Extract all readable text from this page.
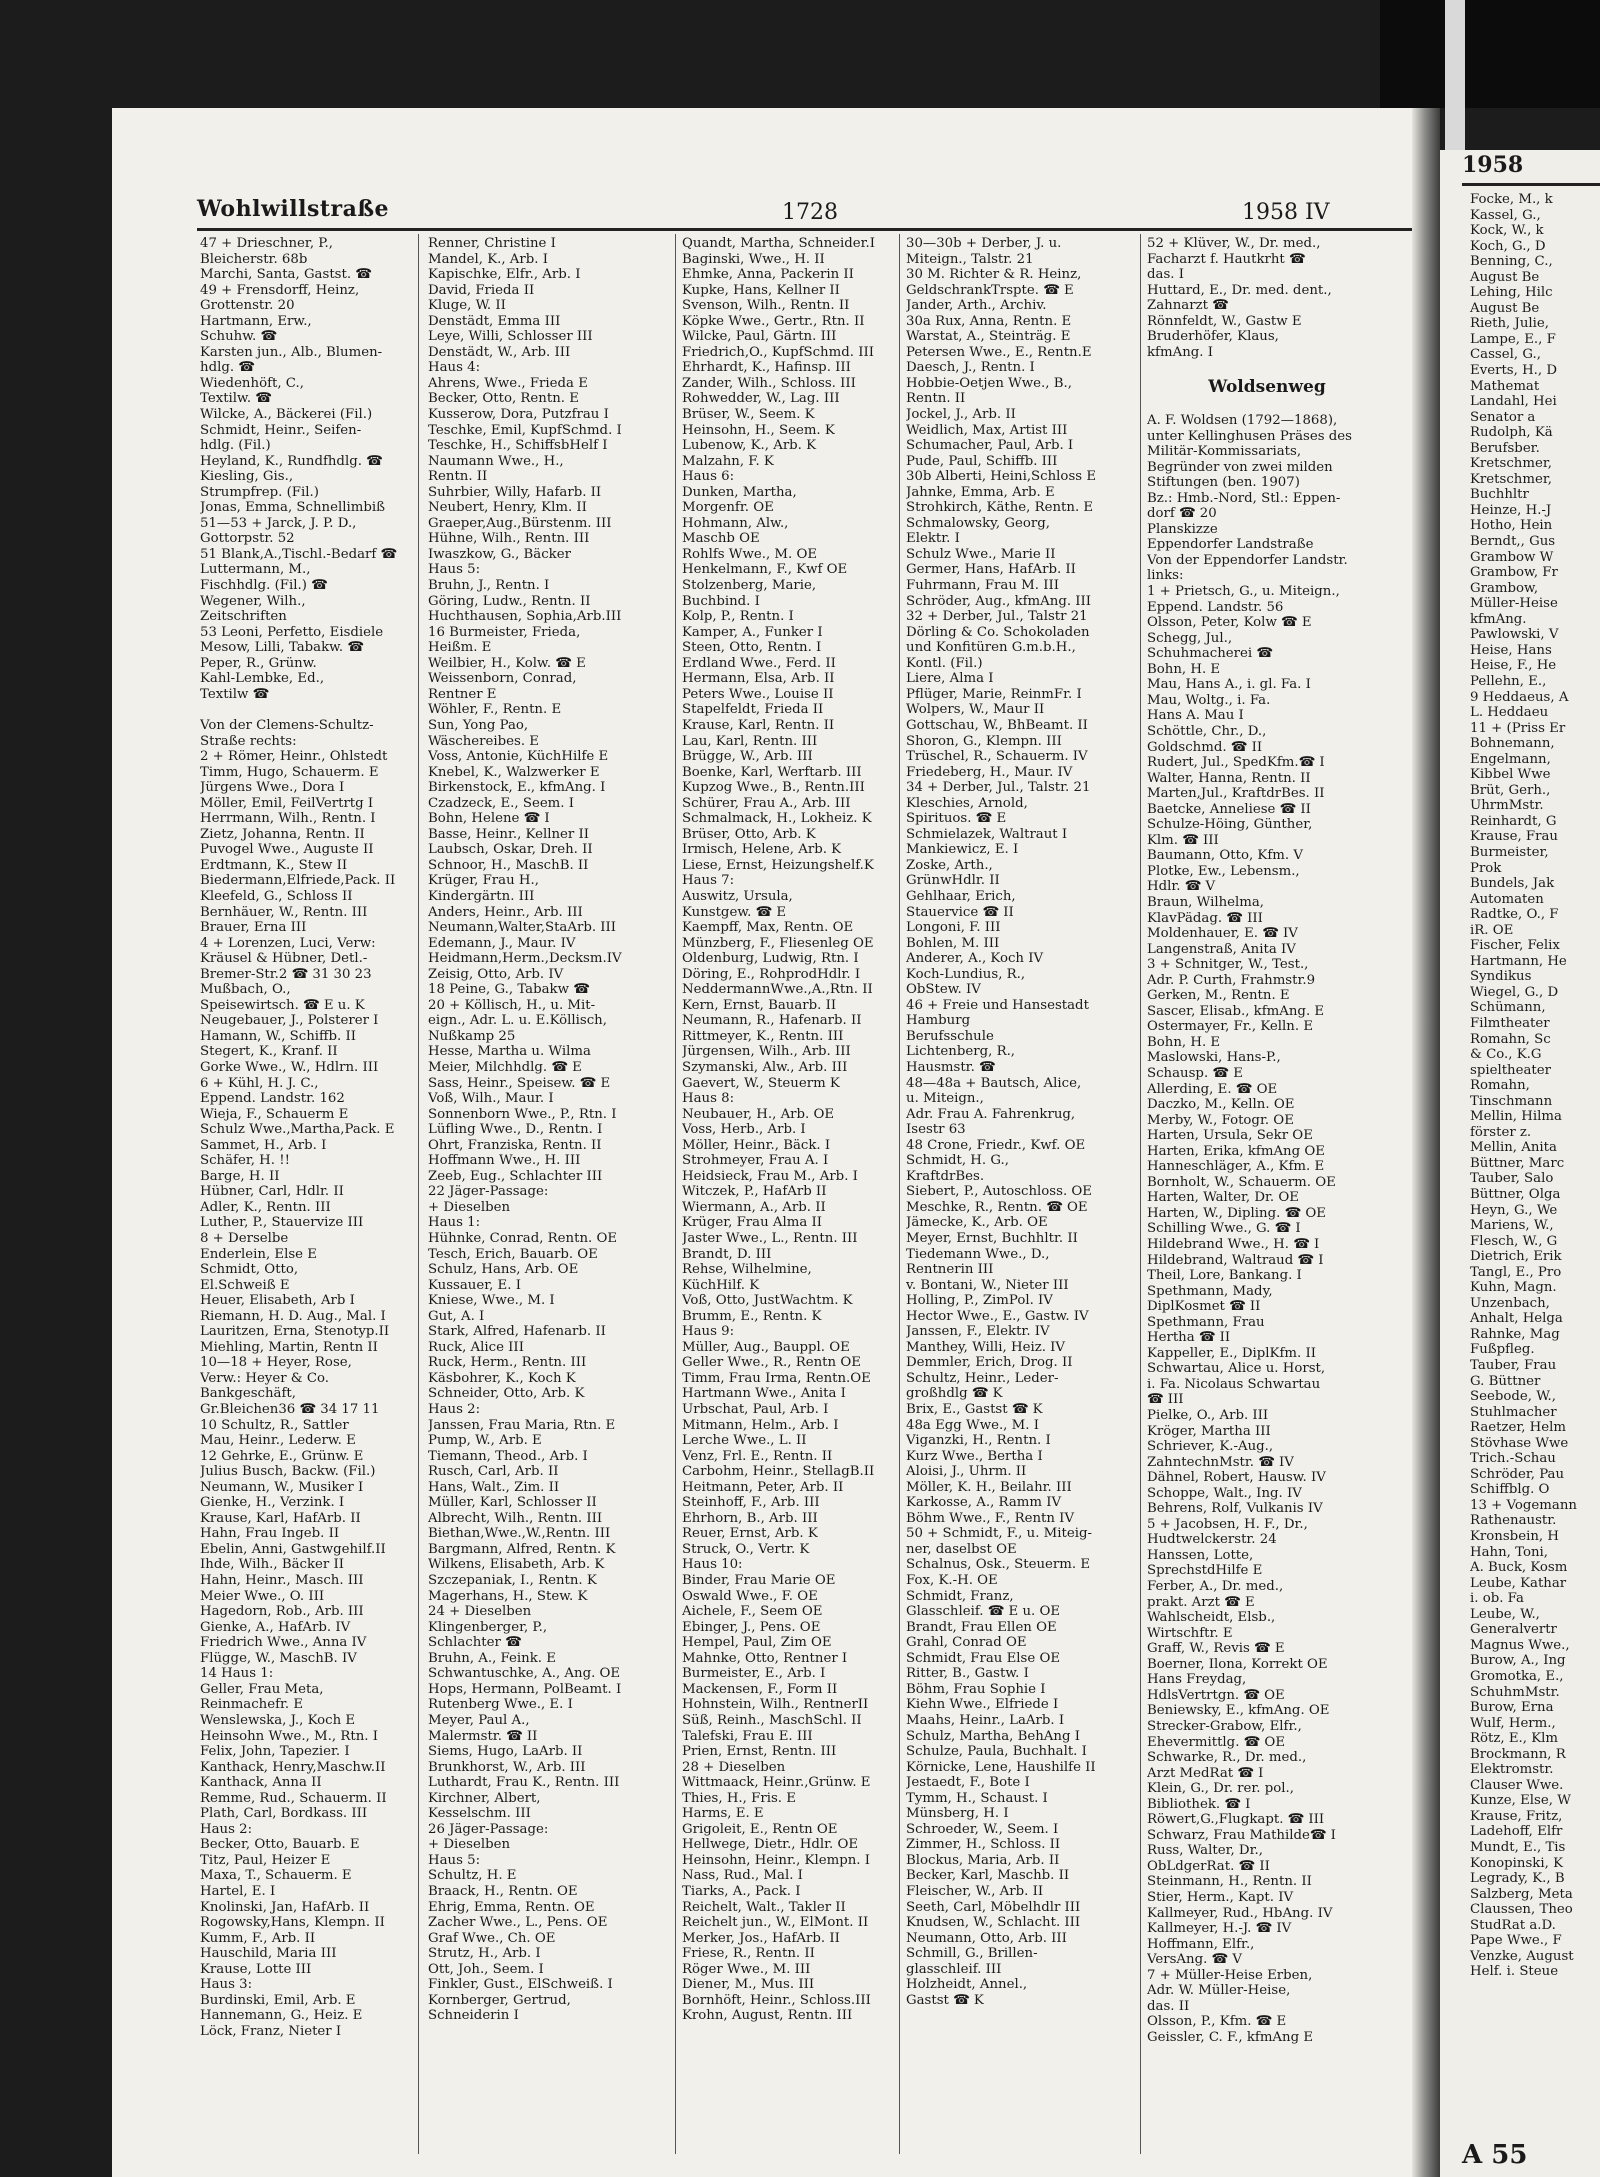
Wohlwillstraße	1728	1958 IV
47 + Drieschner, P.,
Bleicherstr. 68b
Marchi, Santa, Gastst. ☎
49 + Frensdorff, Heinz,
Grottenstr. 20
Hartmann, Erw.,
Schuhw. ☎
Karsten jun., Alb., Blumen-
hdlg. ☎
Wiedenhöft, C.,
Textilw. ☎
Wilcke, A., Bäckerei (Fil.)
Schmidt, Heinr., Seifen-
hdlg. (Fil.)
Heyland, K., Rundfhdlg. ☎
Kiesling, Gis.,
Strumpfrep. (Fil.)
Jonas, Emma, Schnellimbiß
51—53 + Jarck, J. P. D.,
Gottorpstr. 52
51 Blank,A.,Tischl.-Bedarf ☎
Luttermann, M.,
Fischhdlg. (Fil.) ☎
Wegener, Wilh.,
Zeitschriften
53 Leoni, Perfetto, Eisdiele
Mesow, Lilli, Tabakw. ☎
Peper, R., Grünw.
Kahl-Lembke, Ed.,
Textilw ☎
Von der Clemens-Schultz-
Straße rechts:
2 + Römer, Heinr., Ohlstedt
Timm, Hugo, Schauerm. E
Jürgens Wwe., Dora I
Möller, Emil, FeilVertrtg I
Herrmann, Wilh., Rentn. I
Zietz, Johanna, Rentn. II
Puvogel Wwe., Auguste II
Erdtmann, K., Stew II
Biedermann,Elfriede,Pack. II
Kleefeld, G., Schloss II
Bernhäuer, W., Rentn. III
Brauer, Erna III
4 + Lorenzen, Luci, Verw:
Kräusel & Hübner, Detl.-
Bremer-Str.2 ☎ 31 30 23
Mußbach, O.,
Speisewirtsch. ☎ E u. K
Neugebauer, J., Polsterer I
Hamann, W., Schiffb. II
Stegert, K., Kranf. II
Gorke Wwe., W., Hdlrn. III
6 + Kühl, H. J. C.,
Eppend. Landstr. 162
Wieja, F., Schauerm E
Schulz Wwe.,Martha,Pack. E
Sammet, H., Arb. I
Schäfer, H. !!
Barge, H. II
Hübner, Carl, Hdlr. II
Adler, K., Rentn. III
Luther, P., Stauervize III
8 + Derselbe
Enderlein, Else E
Schmidt, Otto,
El.Schweiß E
Heuer, Elisabeth, Arb I
Riemann, H. D. Aug., Mal. I
Lauritzen, Erna, Stenotyp.II
Miehling, Martin, Rentn II
10—18 + Heyer, Rose,
Verw.: Heyer & Co.
Bankgeschäft,
Gr.Bleichen36 ☎ 34 17 11
10 Schultz, R., Sattler
Mau, Heinr., Lederw. E
12 Gehrke, E., Grünw. E
Julius Busch, Backw. (Fil.)
Neumann, W., Musiker I
Gienke, H., Verzink. I
Krause, Karl, HafArb. II
Hahn, Frau Ingeb. II
Ebelin, Anni, Gastwgehilf.II
Ihde, Wilh., Bäcker II
Hahn, Heinr., Masch. III
Meier Wwe., O. III
Hagedorn, Rob., Arb. III
Gienke, A., HafArb. IV
Friedrich Wwe., Anna IV
Flügge, W., MaschB. IV
14 Haus 1:
Geller, Frau Meta,
Reinmachefr. E
Wenslewska, J., Koch E
Heinsohn Wwe., M., Rtn. I
Felix, John, Tapezier. I
Kanthack, Henry,Maschw.II
Kanthack, Anna II
Remme, Rud., Schauerm. II
Plath, Carl, Bordkass. III
Haus 2:
Becker, Otto, Bauarb. E
Titz, Paul, Heizer E
Maxa, T., Schauerm. E
Hartel, E. I
Knolinski, Jan, HafArb. II
Rogowsky,Hans, Klempn. II
Kumm, F., Arb. II
Hauschild, Maria III
Krause, Lotte III
Haus 3:
Burdinski, Emil, Arb. E
Hannemann, G., Heiz. E
Löck, Franz, Nieter I
Renner, Christine I
Mandel, K., Arb. I
Kapischke, Elfr., Arb. I
David, Frieda II
Kluge, W. II
Denstädt, Emma III
Leye, Willi, Schlosser III
Denstädt, W., Arb. III
Haus 4:
Ahrens, Wwe., Frieda E
Becker, Otto, Rentn. E
Kusserow, Dora, Putzfrau I
Teschke, Emil, KupfSchmd. I
Teschke, H., SchiffsbHelf I
Naumann Wwe., H.,
Rentn. II
Suhrbier, Willy, Hafarb. II
Neubert, Henry, Klm. II
Graeper,Aug.,Bürstenm. III
Hühne, Wilh., Rentn. III
Iwaszkow, G., Bäcker
Haus 5:
Bruhn, J., Rentn. I
Göring, Ludw., Rentn. II
Huchthausen, Sophia,Arb.III
16 Burmeister, Frieda,
Heißm. E
Weilbier, H., Kolw. ☎ E
Weissenborn, Conrad,
Rentner E
Wöhler, F., Rentn. E
Sun, Yong Pao,
Wäschereibes. E
Voss, Antonie, KüchHilfe E
Knebel, K., Walzwerker E
Birkenstock, E., kfmAng. I
Czadzeck, E., Seem. I
Bohn, Helene ☎ I
Basse, Heinr., Kellner II
Laubsch, Oskar, Dreh. II
Schnoor, H., MaschB. II
Krüger, Frau H.,
Kindergärtn. III
Anders, Heinr., Arb. III
Neumann,Walter,StaArb. III
Edemann, J., Maur. IV
Heidmann,Herm.,Decksm.IV
Zeisig, Otto, Arb. IV
18 Peine, G., Tabakw ☎
20 + Köllisch, H., u. Mit-
eign., Adr. L. u. E.Köllisch,
Nußkamp 25
Hesse, Martha u. Wilma
Meier, Milchhdlg. ☎ E
Sass, Heinr., Speisew. ☎ E
Voß, Wilh., Maur. I
Sonnenborn Wwe., P., Rtn. I
Lüfling Wwe., D., Rentn. I
Ohrt, Franziska, Rentn. II
Hoffmann Wwe., H. III
Zeeb, Eug., Schlachter III
22 Jäger-Passage:
+ Dieselben
Haus 1:
Hühnke, Conrad, Rentn. OE
Tesch, Erich, Bauarb. OE
Schulz, Hans, Arb. OE
Kussauer, E. I
Kniese, Wwe., M. I
Gut, A. I
Stark, Alfred, Hafenarb. II
Ruck, Alice III
Ruck, Herm., Rentn. III
Käsbohrer, K., Koch K
Schneider, Otto, Arb. K
Haus 2:
Janssen, Frau Maria, Rtn. E
Pump, W., Arb. E
Tiemann, Theod., Arb. I
Rusch, Carl, Arb. II
Hans, Walt., Zim. II
Müller, Karl, Schlosser II
Albrecht, Wilh., Rentn. III
Biethan,Wwe.,W.,Rentn. III
Bargmann, Alfred, Rentn. K
Wilkens, Elisabeth, Arb. K
Szczepaniak, I., Rentn. K
Magerhans, H., Stew. K
24 + Dieselben
Klingenberger, P.,
Schlachter ☎
Bruhn, A., Feink. E
Schwantuschke, A., Ang. OE
Hops, Hermann, PolBeamt. I
Rutenberg Wwe., E. I
Meyer, Paul A.,
Malermstr. ☎ II
Siems, Hugo, LaArb. II
Brunkhorst, W., Arb. III
Luthardt, Frau K., Rentn. III
Kirchner, Albert,
Kesselschm. III
26 Jäger-Passage:
+ Dieselben
Haus 5:
Schultz, H. E
Braack, H., Rentn. OE
Ehrig, Emma, Rentn. OE
Zacher Wwe., L., Pens. OE
Graf Wwe., Ch. OE
Strutz, H., Arb. I
Ott, Joh., Seem. I
Finkler, Gust., ElSchweiß. I
Kornberger, Gertrud,
Schneiderin I
Quandt, Martha, Schneider.I
Baginski, Wwe., H. II
Ehmke, Anna, Packerin II
Kupke, Hans, Kellner II
Svenson, Wilh., Rentn. II
Köpke Wwe., Gertr., Rtn. II
Wilcke, Paul, Gärtn. III
Friedrich,O., KupfSchmd. III
Ehrhardt, K., Hafinsp. III
Zander, Wilh., Schloss. III
Rohwedder, W., Lag. III
Brüser, W., Seem. K
Heinsohn, H., Seem. K
Lubenow, K., Arb. K
Malzahn, F. K
Haus 6:
Dunken, Martha,
Morgenfr. OE
Hohmann, Alw.,
Maschb OE
Rohlfs Wwe., M. OE
Henkelmann, F., Kwf OE
Stolzenberg, Marie,
Buchbind. I
Kolp, P., Rentn. I
Kamper, A., Funker I
Steen, Otto, Rentn. I
Erdland Wwe., Ferd. II
Hermann, Elsa, Arb. II
Peters Wwe., Louise II
Stapelfeldt, Frieda II
Krause, Karl, Rentn. II
Lau, Karl, Rentn. III
Brügge, W., Arb. III
Boenke, Karl, Werftarb. III
Kupzog Wwe., B., Rentn.III
Schürer, Frau A., Arb. III
Schmalmack, H., Lokheiz. K
Brüser, Otto, Arb. K
Irmisch, Helene, Arb. K
Liese, Ernst, Heizungshelf.K
Haus 7:
Auswitz, Ursula,
Kunstgew. ☎ E
Kaempff, Max, Rentn. OE
Münzberg, F., Fliesenleg OE
Oldenburg, Ludwig, Rtn. I
Döring, E., RohprodHdlr. I
NeddermannWwe.,A.,Rtn. II
Kern, Ernst, Bauarb. II
Neumann, R., Hafenarb. II
Rittmeyer, K., Rentn. III
Jürgensen, Wilh., Arb. III
Szymanski, Alw., Arb. III
Gaevert, W., Steuerm K
Haus 8:
Neubauer, H., Arb. OE
Voss, Herb., Arb. I
Möller, Heinr., Bäck. I
Strohmeyer, Frau A. I
Heidsieck, Frau M., Arb. I
Witczek, P., HafArb II
Wiermann, A., Arb. II
Krüger, Frau Alma II
Jaster Wwe., L., Rentn. III
Brandt, D. III
Rehse, Wilhelmine,
KüchHilf. K
Voß, Otto, JustWachtm. K
Brumm, E., Rentn. K
Haus 9:
Müller, Aug., Bauppl. OE
Geller Wwe., R., Rentn OE
Timm, Frau Irma, Rentn.OE
Hartmann Wwe., Anita I
Urbschat, Paul, Arb. I
Mitmann, Helm., Arb. I
Lerche Wwe., L. II
Venz, Frl. E., Rentn. II
Carbohm, Heinr., StellagB.II
Heitmann, Peter, Arb. II
Steinhoff, F., Arb. III
Ehrhorn, B., Arb. III
Reuer, Ernst, Arb. K
Struck, O., Vertr. K
Haus 10:
Binder, Frau Marie OE
Oswald Wwe., F. OE
Aichele, F., Seem OE
Ebinger, J., Pens. OE
Hempel, Paul, Zim OE
Mahnke, Otto, Rentner I
Burmeister, E., Arb. I
Mackensen, F., Form II
Hohnstein, Wilh., RentnerII
Süß, Reinh., MaschSchl. II
Talefski, Frau E. III
Prien, Ernst, Rentn. III
28 + Dieselben
Wittmaack, Heinr.,Grünw. E
Thies, H., Fris. E
Harms, E. E
Grigoleit, E., Rentn OE
Hellwege, Dietr., Hdlr. OE
Heinsohn, Heinr., Klempn. I
Nass, Rud., Mal. I
Tiarks, A., Pack. I
Reichelt, Walt., Takler II
Reichelt jun., W., ElMont. II
Merker, Jos., HafArb. II
Friese, R., Rentn. II
Röger Wwe., M. III
Diener, M., Mus. III
Bornhöft, Heinr., Schloss.III
Krohn, August, Rentn. III
30—30b + Derber, J. u.
Miteign., Talstr. 21
30 M. Richter & R. Heinz,
GeldschrankTrspte. ☎ E
Jander, Arth., Archiv.
30a Rux, Anna, Rentn. E
Warstat, A., Steinträg. E
Petersen Wwe., E., Rentn.E
Daesch, J., Rentn. I
Hobbie-Oetjen Wwe., B.,
Rentn. II
Jockel, J., Arb. II
Weidlich, Max, Artist III
Schumacher, Paul, Arb. I
Pude, Paul, Schiffb. III
30b Alberti, Heini,Schloss E
Jahnke, Emma, Arb. E
Strohkirch, Käthe, Rentn. E
Schmalowsky, Georg,
Elektr. I
Schulz Wwe., Marie II
Germer, Hans, HafArb. II
Fuhrmann, Frau M. III
Schröder, Aug., kfmAng. III
32 + Derber, Jul., Talstr 21
Dörling & Co. Schokoladen
und Konfitüren G.m.b.H.,
Kontl. (Fil.)
Liere, Alma I
Pflüger, Marie, ReinmFr. I
Wolpers, W., Maur II
Gottschau, W., BhBeamt. II
Shoron, G., Klempn. III
Trüschel, R., Schauerm. IV
Friedeberg, H., Maur. IV
34 + Derber, Jul., Talstr. 21
Kleschies, Arnold,
Spirituos. ☎ E
Schmielazek, Waltraut I
Mankiewicz, E. I
Zoske, Arth.,
GrünwHdlr. II
Gehlhaar, Erich,
Stauervice ☎ II
Longoni, F. III
Bohlen, M. III
Anderer, A., Koch IV
Koch-Lundius, R.,
ObStew. IV
46 + Freie und Hansestadt
Hamburg
Berufsschule
Lichtenberg, R.,
Hausmstr. ☎
48—48a + Bautsch, Alice,
u. Miteign.,
Adr. Frau A. Fahrenkrug,
Isestr 63
48 Crone, Friedr., Kwf. OE
Schmidt, H. G.,
KraftdrBes.
Siebert, P., Autoschloss. OE
Meschke, R., Rentn. ☎ OE
Jämecke, K., Arb. OE
Meyer, Ernst, Buchhltr. II
Tiedemann Wwe., D.,
Rentnerin III
v. Bontani, W., Nieter III
Holling, P., ZimPol. IV
Hector Wwe., E., Gastw. IV
Janssen, F., Elektr. IV
Manthey, Willi, Heiz. IV
Demmler, Erich, Drog. II
Schultz, Heinr., Leder-
großhdlg ☎ K
Brix, E., Gastst ☎ K
48a Egg Wwe., M. I
Viganzki, H., Rentn. I
Kurz Wwe., Bertha I
Aloisi, J., Uhrm. II
Möller, K. H., Beilahr. III
Karkosse, A., Ramm IV
Böhm Wwe., F., Rentn IV
50 + Schmidt, F., u. Miteig-
ner, daselbst OE
Schalnus, Osk., Steuerm. E
Fox, K.-H. OE
Schmidt, Franz,
Glasschleif. ☎ E u. OE
Brandt, Frau Ellen OE
Grahl, Conrad OE
Schmidt, Frau Else OE
Ritter, B., Gastw. I
Böhm, Frau Sophie I
Kiehn Wwe., Elfriede I
Maahs, Heinr., LaArb. I
Schulz, Martha, BehAng I
Schulze, Paula, Buchhalt. I
Körnicke, Lene, Haushilfe II
Jestaedt, F., Bote I
Tymm, H., Schaust. I
Münsberg, H. I
Schroeder, W., Seem. I
Zimmer, H., Schloss. II
Blockus, Maria, Arb. II
Becker, Karl, Maschb. II
Fleischer, W., Arb. II
Seeth, Carl, Möbelhdlr III
Knudsen, W., Schlacht. III
Neumann, Otto, Arb. III
Schmill, G., Brillen-
glasschleif. III
Holzheidt, Annel.,
Gastst ☎ K
52 + Klüver, W., Dr. med.,
Facharzt f. Hautkrht ☎
das. I
Huttard, E., Dr. med. dent.,
Zahnarzt ☎
Rönnfeldt, W., Gastw E
Bruderhöfer, Klaus,
kfmAng. I
Woldsenweg
A. F. Woldsen (1792—1868),
unter Kellinghusen Präses des
Militär-Kommissariats,
Begründer von zwei milden
Stiftungen (ben. 1907)
Bz.: Hmb.-Nord, Stl.: Eppen-
dorf ☎ 20
Planskizze
Eppendorfer Landstraße
Von der Eppendorfer Landstr.
links:
1 + Prietsch, G., u. Miteign.,
Eppend. Landstr. 56
Olsson, Peter, Kolw ☎ E
Schegg, Jul.,
Schuhmacherei ☎
Bohn, H. E
Mau, Hans A., i. gl. Fa. I
Mau, Woltg., i. Fa.
Hans A. Mau I
Schöttle, Chr., D.,
Goldschmd. ☎ II
Rudert, Jul., SpedKfm.☎ I
Walter, Hanna, Rentn. II
Marten,Jul., KraftdrBes. II
Baetcke, Anneliese ☎ II
Schulze-Höing, Günther,
Klm. ☎ III
Baumann, Otto, Kfm. V
Plotke, Ew., Lebensm.,
Hdlr. ☎ V
Braun, Wilhelma,
KlavPädag. ☎ III
Moldenhauer, E. ☎ IV
Langenstraß, Anita IV
3 + Schnitger, W., Test.,
Adr. P. Curth, Frahmstr.9
Gerken, M., Rentn. E
Sascer, Elisab., kfmAng. E
Ostermayer, Fr., Kelln. E
Bohn, H. E
Maslowski, Hans-P.,
Schausp. ☎ E
Allerding, E. ☎ OE
Daczko, M., Kelln. OE
Merby, W., Fotogr. OE
Harten, Ursula, Sekr OE
Harten, Erika, kfmAng OE
Hanneschläger, A., Kfm. E
Bornholt, W., Schauerm. OE
Harten, Walter, Dr. OE
Harten, W., Dipling. ☎ OE
Schilling Wwe., G. ☎ I
Hildebrand Wwe., H. ☎ I
Hildebrand, Waltraud ☎ I
Theil, Lore, Bankang. I
Spethmann, Mady,
DiplKosmet ☎ II
Spethmann, Frau
Hertha ☎ II
Kappeller, E., DiplKfm. II
Schwartau, Alice u. Horst,
i. Fa. Nicolaus Schwartau
☎ III
Pielke, O., Arb. III
Kröger, Martha III
Schriever, K.-Aug.,
ZahntechnMstr. ☎ IV
Dähnel, Robert, Hausw. IV
Schoppe, Walt., Ing. IV
Behrens, Rolf, Vulkanis IV
5 + Jacobsen, H. F., Dr.,
Hudtwelckerstr. 24
Hanssen, Lotte,
SprechstdHilfe E
Ferber, A., Dr. med.,
prakt. Arzt ☎ E
Wahlscheidt, Elsb.,
Wirtschftr. E
Graff, W., Revis ☎ E
Boerner, Ilona, Korrekt OE
Hans Freydag,
HdlsVertrtgn. ☎ OE
Beniewsky, E., kfmAng. OE
Strecker-Grabow, Elfr.,
Ehevermittlg. ☎ OE
Schwarke, R., Dr. med.,
Arzt MedRat ☎ I
Klein, G., Dr. rer. pol.,
Bibliothek. ☎ I
Röwert,G.,Flugkapt. ☎ III
Schwarz, Frau Mathilde☎ I
Russ, Walter, Dr.,
ObLdgerRat. ☎ II
Steinmann, H., Rentn. II
Stier, Herm., Kapt. IV
Kallmeyer, Rud., HbAng. IV
Kallmeyer, H.-J. ☎ IV
Hoffmann, Elfr.,
VersAng. ☎ V
7 + Müller-Heise Erben,
Adr. W. Müller-Heise,
das. II
Olsson, P., Kfm. ☎ E
Geissler, C. F., kfmAng E
1958
Focke, M., k
Kassel, G.,
Kock, W., k
Koch, G., D
Benning, C.,
August Be
Lehing, Hilc
August Be
Rieth, Julie,
Lampe, E., F
Cassel, G.,
Everts, H., D
Mathemat
Landahl, Hei
Senator a
Rudolph, Kä
Berufsber.
Kretschmer,
Kretschmer,
Buchhltr
Heinze, H.-J
Hotho, Hein
Berndt,, Gus
Grambow W
Grambow, Fr
Grambow,
Müller-Heise
kfmAng.
Pawlowski, V
Heise, Hans
Heise, F., He
Pellehn, E.,
9 Heddaeus, A
L. Heddaeu
11 + (Priss Er
Bohnemann,
Engelmann,
Kibbel Wwe
Brüt, Gerh.,
UhrmMstr.
Reinhardt, G
Krause, Frau
Burmeister,
Prok
Bundels, Jak
Automaten
Radtke, O., F
iR. OE
Fischer, Felix
Hartmann, He
Syndikus
Wiegel, G., D
Schümann,
Filmtheater
Romahn, Sc
& Co., K.G
spieltheater
Romahn,
Tinschmann
Mellin, Hilma
förster z.
Mellin, Anita
Büttner, Marc
Tauber, Salo
Büttner, Olga
Heyn, G., We
Mariens, W.,
Flesch, W., G
Dietrich, Erik
Tangl, E., Pro
Kuhn, Magn.
Unzenbach,
Anhalt, Helga
Rahnke, Mag
Fußpfleg.
Tauber, Frau
G. Büttner
Seebode, W.,
Stuhlmacher
Raetzer, Helm
Stövhase Wwe
Trich.-Schau
Schröder, Pau
Schiffblg. O
13 + Vogemann
Rathenaustr.
Kronsbein, H
Hahn, Toni,
A. Buck, Kosm
Leube, Kathar
i. ob. Fa
Leube, W.,
Generalvertr
Magnus Wwe.,
Burow, A., Ing
Gromotka, E.,
SchuhmMstr.
Burow, Erna
Wulf, Herm.,
Rötz, E., Klm
Brockmann, R
Elektromstr.
Clauser Wwe.
Kunze, Else, W
Krause, Fritz,
Ladehoff, Elfr
Mundt, E., Tis
Konopinski, K
Legrady, K., B
Salzberg, Meta
Claussen, Theo
StudRat a.D.
Pape Wwe., F
Venzke, August
Helf. i. Steue
A 55
